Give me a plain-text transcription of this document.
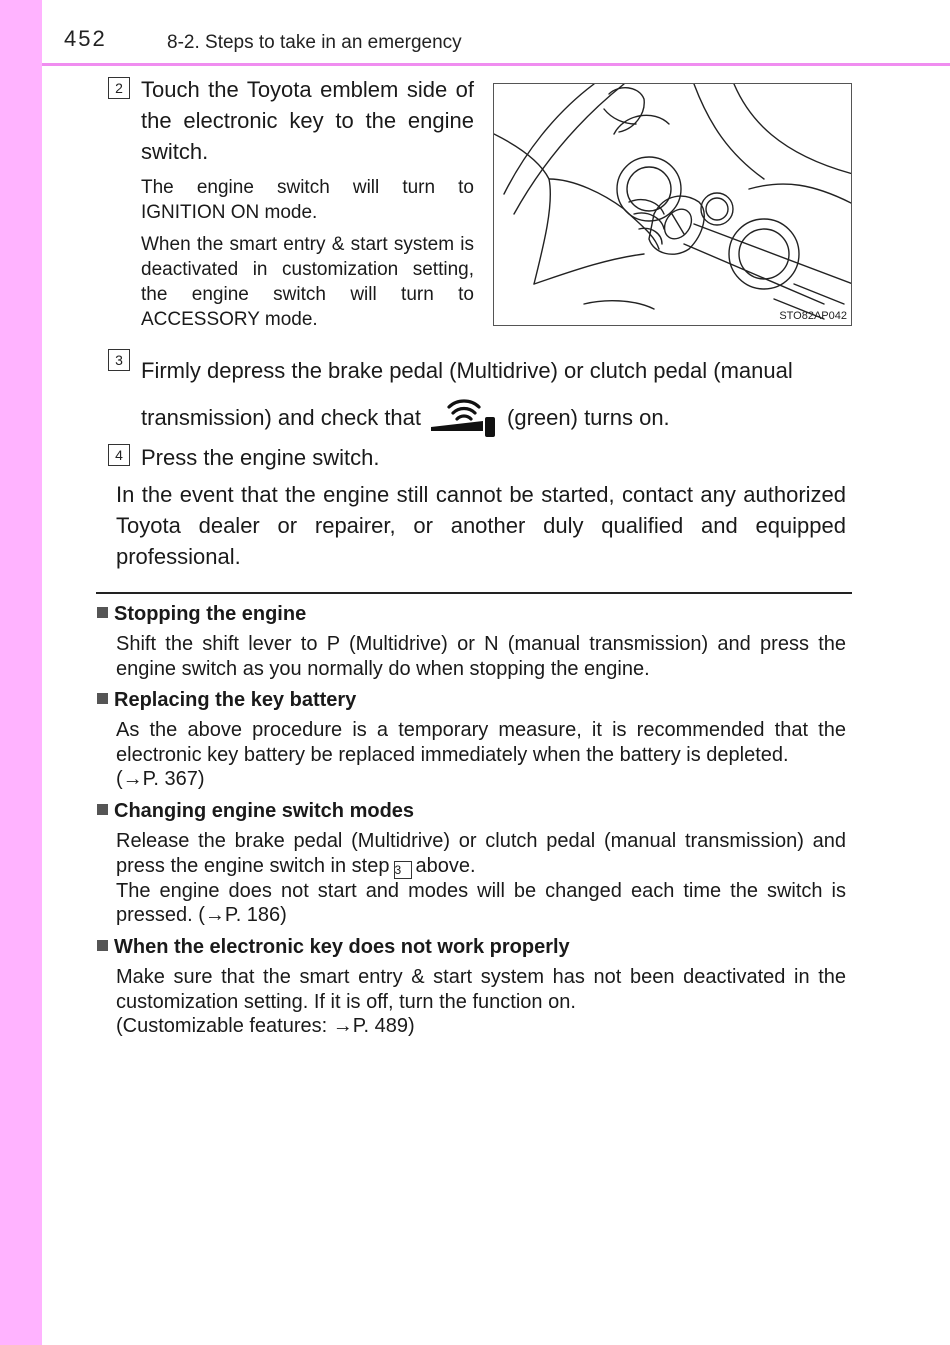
452	8-2. Steps to take in an emergency
2 Touch the Toyota emblem side of the electronic key to the engine switch.
The engine switch will turn to IGNITION ON mode.
When the smart entry & start system is deactivated in customization setting, the engine switch will turn to ACCESSORY mode.	STO82AP042
3 Firmly depress the brake pedal (Multidrive) or clutch pedal (manual transmission) and check that	(green) turns on.
4 Press the engine switch.
In the event that the engine still cannot be started, contact any authorized Toyota dealer or repairer, or another duly qualified and equipped professional.
Stopping the engine
Shift the shift lever to P (Multidrive) or N (manual transmission) and press the engine switch as you normally do when stopping the engine.
Replacing the key battery
As the above procedure is a temporary measure, it is recommended that the electronic key battery be replaced immediately when the battery is depleted.
(→P. 367)
Changing engine switch modes
Release the brake pedal (Multidrive) or clutch pedal (manual transmission) and press the engine switch in step 3 above.
The engine does not start and modes will be changed each time the switch is pressed. (→P. 186)
When the electronic key does not work properly
Make sure that the smart entry & start system has not been deactivated in the customization setting. If it is off, turn the function on.
(Customizable features: →P. 489)
